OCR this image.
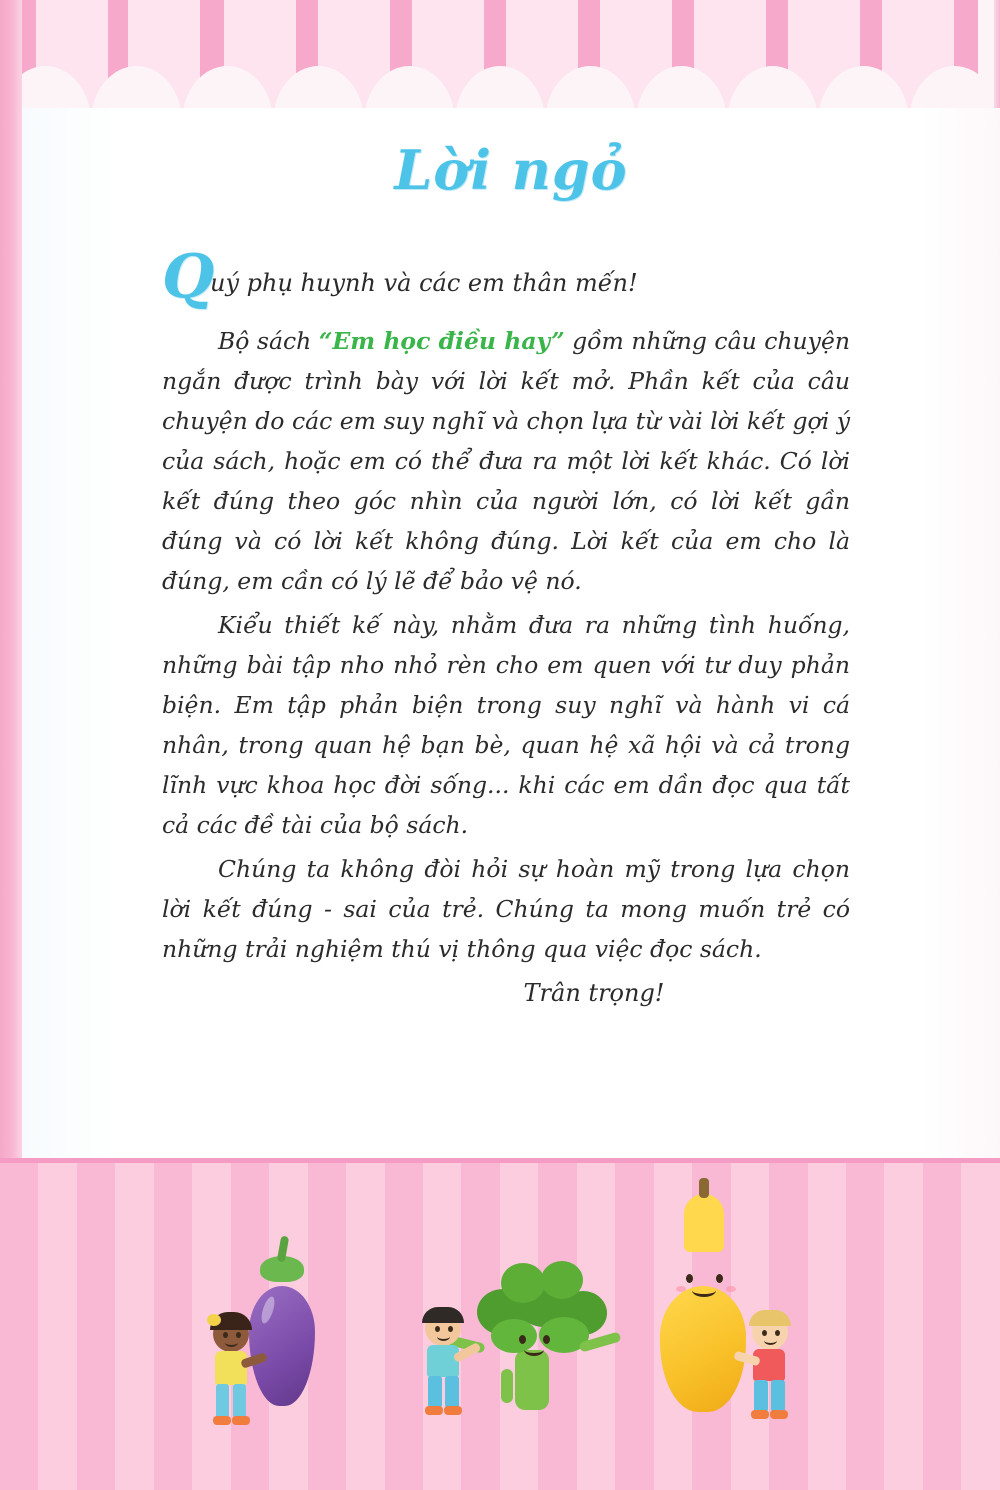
Lời ngỏ

Q
uý phụ huynh và các em thân mến!

Bộ sách “Em học điều hay” gồm những câu chuyện ngắn được trình bày với lời kết mở. Phần kết của câu chuyện do các em suy nghĩ và chọn lựa từ vài lời kết gợi ý của sách, hoặc em có thể đưa ra một lời kết khác. Có lời kết đúng theo góc nhìn của người lớn, có lời kết gần đúng và có lời kết không đúng. Lời kết của em cho là đúng, em cần có lý lẽ để bảo vệ nó.

Kiểu thiết kế này, nhằm đưa ra những tình huống, những bài tập nho nhỏ rèn cho em quen với tư duy phản biện. Em tập phản biện trong suy nghĩ và hành vi cá nhân, trong quan hệ bạn bè, quan hệ xã hội và cả trong lĩnh vực khoa học đời sống... khi các em dần đọc qua tất cả các đề tài của bộ sách.

Chúng ta không đòi hỏi sự hoàn mỹ trong lựa chọn lời kết đúng - sai của trẻ. Chúng ta mong muốn trẻ có những trải nghiệm thú vị thông qua việc đọc sách.

Trân trọng!
